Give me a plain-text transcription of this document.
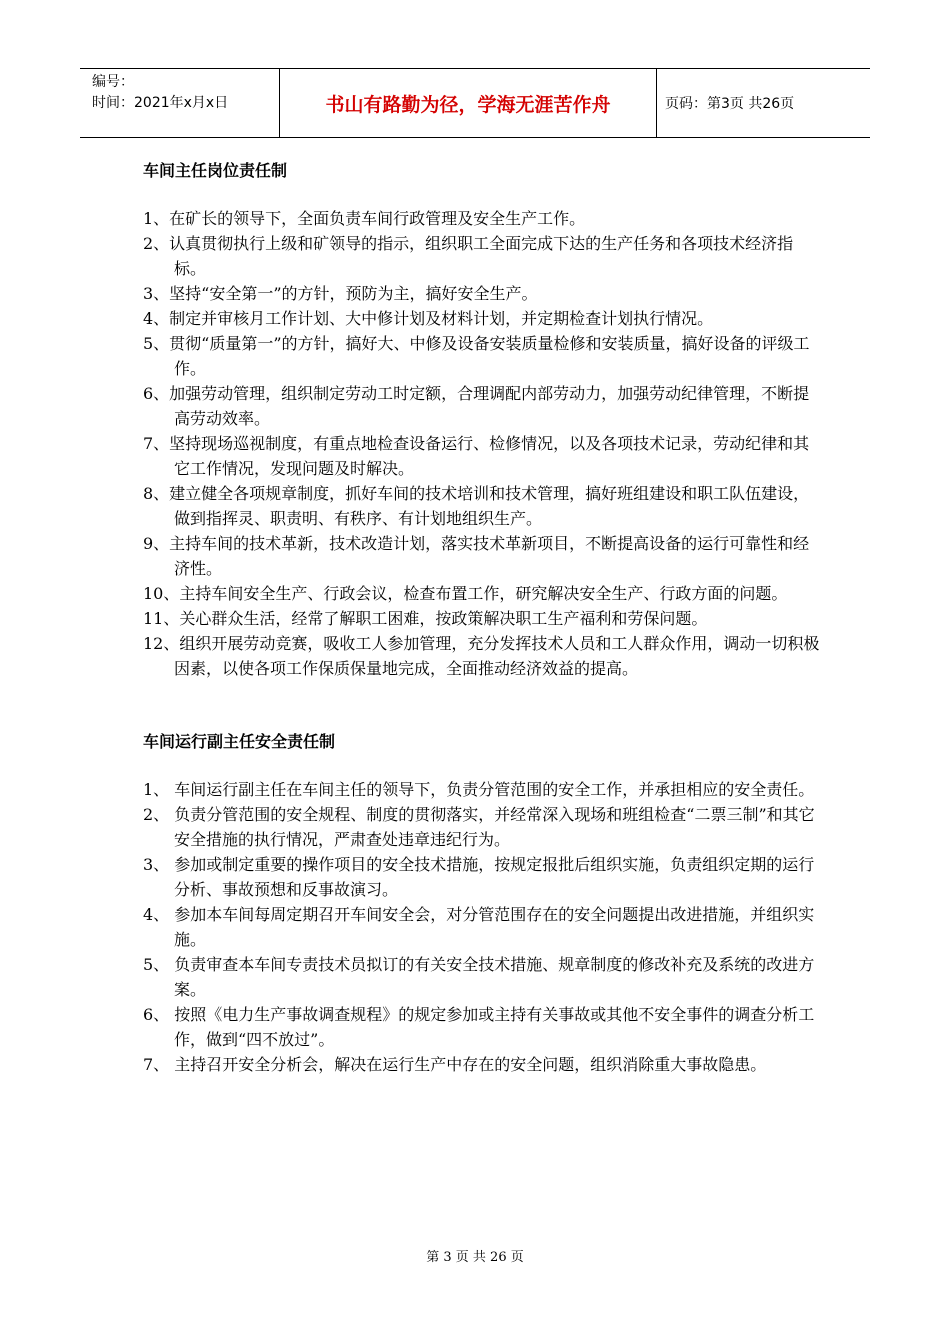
编号：
时间：2021年x月x日	书山有路勤为径，学海无涯苦作舟	页码：第3页 共26页
车间主任岗位责任制
1、在矿长的领导下，全面负责车间行政管理及安全生产工作。
2、认真贯彻执行上级和矿领导的指示，组织职工全面完成下达的生产任务和各项技术经济指标。
3、坚持“安全第一”的方针，预防为主，搞好安全生产。
4、制定并审核月工作计划、大中修计划及材料计划，并定期检查计划执行情况。
5、贯彻“质量第一”的方针，搞好大、中修及设备安装质量检修和安装质量，搞好设备的评级工作。
6、加强劳动管理，组织制定劳动工时定额，合理调配内部劳动力，加强劳动纪律管理，不断提高劳动效率。
7、坚持现场巡视制度，有重点地检查设备运行、检修情况，以及各项技术记录，劳动纪律和其它工作情况，发现问题及时解决。
8、建立健全各项规章制度，抓好车间的技术培训和技术管理，搞好班组建设和职工队伍建设，做到指挥灵、职责明、有秩序、有计划地组织生产。
9、主持车间的技术革新，技术改造计划，落实技术革新项目，不断提高设备的运行可靠性和经济性。
10、主持车间安全生产、行政会议，检查布置工作，研究解决安全生产、行政方面的问题。
11、关心群众生活，经常了解职工困难，按政策解决职工生产福利和劳保问题。
12、组织开展劳动竞赛，吸收工人参加管理，充分发挥技术人员和工人群众作用，调动一切积极因素，以使各项工作保质保量地完成，全面推动经济效益的提高。
车间运行副主任安全责任制
1、 车间运行副主任在车间主任的领导下，负责分管范围的安全工作，并承担相应的安全责任。
2、 负责分管范围的安全规程、制度的贯彻落实，并经常深入现场和班组检查“二票三制”和其它安全措施的执行情况，严肃查处违章违纪行为。
3、 参加或制定重要的操作项目的安全技术措施，按规定报批后组织实施，负责组织定期的运行分析、事故预想和反事故演习。
4、 参加本车间每周定期召开车间安全会，对分管范围存在的安全问题提出改进措施，并组织实施。
5、 负责审查本车间专责技术员拟订的有关安全技术措施、规章制度的修改补充及系统的改进方案。
6、 按照《电力生产事故调查规程》的规定参加或主持有关事故或其他不安全事件的调查分析工作，做到“四不放过”。
7、 主持召开安全分析会，解决在运行生产中存在的安全问题，组织消除重大事故隐患。
第 3 页 共 26 页
